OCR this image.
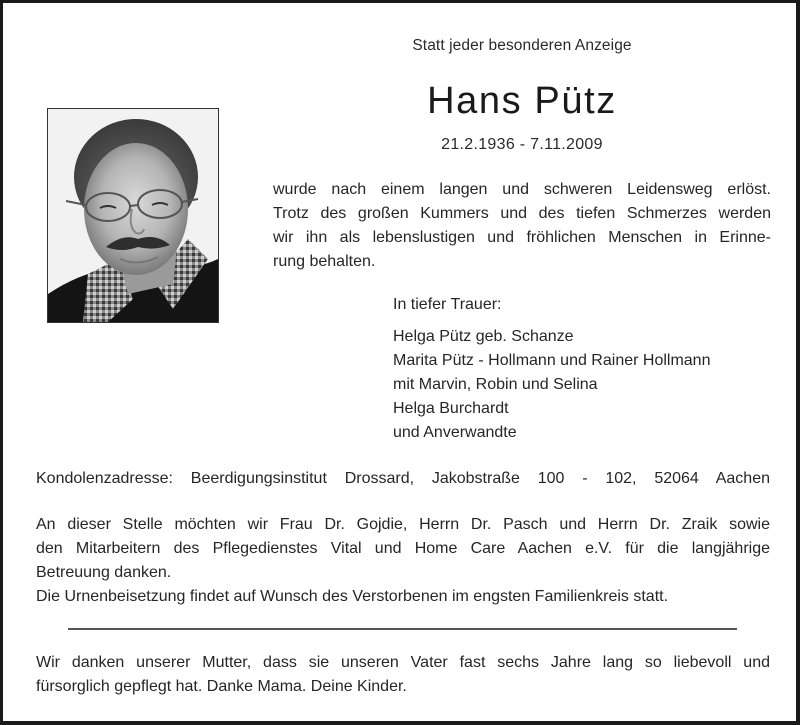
Statt jeder besonderen Anzeige
Hans Pütz
21.2.1936 - 7.11.2009
wurde nach einem langen und schweren Leidensweg erlöst.
Trotz des großen Kummers und des tiefen Schmerzes werden
wir ihn als lebenslustigen und fröhlichen Menschen in Erinne-
rung behalten.
In tiefer Trauer:
Helga Pütz geb. Schanze
Marita Pütz - Hollmann und Rainer Hollmann
mit Marvin, Robin und Selina
Helga Burchardt
und Anverwandte
Kondolenzadresse: Beerdigungsinstitut Drossard, Jakobstraße 100 - 102, 52064 Aachen
An dieser Stelle möchten wir Frau Dr. Gojdie, Herrn Dr. Pasch und Herrn Dr. Zraik sowie
den Mitarbeitern des Pflegedienstes Vital und Home Care Aachen e.V. für die langjährige
Betreuung danken.
Die Urnenbeisetzung findet auf Wunsch des Verstorbenen im engsten Familienkreis statt.
Wir danken unserer Mutter, dass sie unseren Vater fast sechs Jahre lang so liebevoll und
fürsorglich gepflegt hat. Danke Mama. Deine Kinder.
